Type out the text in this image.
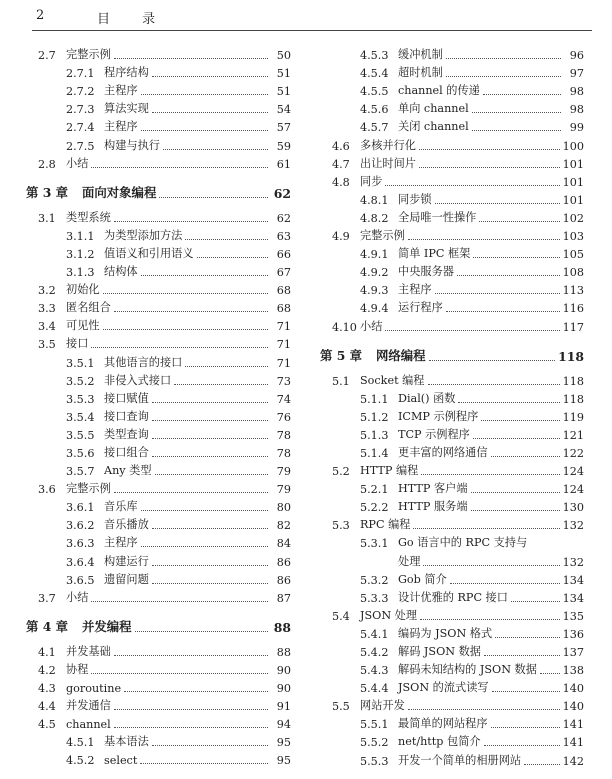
2	目 录
2.7 完整示例	50
2.7.1 程序结构	51
2.7.2 主程序	51
2.7.3 算法实现	54
2.7.4 主程序	57
2.7.5 构建与执行	59
2.8 小结	61
第 3 章	面向对象编程	62
3.1 类型系统	62
3.1.1 为类型添加方法	63
3.1.2 值语义和引用语义	66
3.1.3 结构体	67
3.2 初始化	68
3.3 匿名组合	68
3.4 可见性	71
3.5 接口	71
3.5.1 其他语言的接口	71
3.5.2 非侵入式接口	73
3.5.3 接口赋值	74
3.5.4 接口查询	76
3.5.5 类型查询	78
3.5.6 接口组合	78
3.5.7 Any 类型	79
3.6 完整示例	79
3.6.1 音乐库	80
3.6.2 音乐播放	82
3.6.3 主程序	84
3.6.4 构建运行	86
3.6.5 遗留问题	86
3.7 小结	87
第 4 章	并发编程	88
4.1 并发基础	88
4.2 协程	90
4.3 goroutine	90
4.4 并发通信	91
4.5 channel	94
4.5.1 基本语法	95
4.5.2 select	95
4.5.3 缓冲机制	96
4.5.4 超时机制	97
4.5.5 channel 的传递	98
4.5.6 单向 channel	98
4.5.7 关闭 channel	99
4.6 多核并行化	100
4.7 出让时间片	101
4.8 同步	101
4.8.1 同步锁	101
4.8.2 全局唯一性操作	102
4.9 完整示例	103
4.9.1 简单 IPC 框架	105
4.9.2 中央服务器	108
4.9.3 主程序	113
4.9.4 运行程序	116
4.10 小结	117
第 5 章	网络编程	118
5.1 Socket 编程	118
5.1.1 Dial() 函数	118
5.1.2 ICMP 示例程序	119
5.1.3 TCP 示例程序	121
5.1.4 更丰富的网络通信	122
5.2 HTTP 编程	124
5.2.1 HTTP 客户端	124
5.2.2 HTTP 服务端	130
5.3 RPC 编程	132
5.3.1 Go 语言中的 RPC 支持与
处理	132
5.3.2 Gob 简介	134
5.3.3 设计优雅的 RPC 接口	134
5.4 JSON 处理	135
5.4.1 编码为 JSON 格式	136
5.4.2 解码 JSON 数据	137
5.4.3 解码未知结构的 JSON 数据 138
5.4.4 JSON 的流式读写	140
5.5 网站开发	140
5.5.1 最简单的网站程序	141
5.5.2 net/http 包简介	141
5.5.3 开发一个简单的相册网站	142
